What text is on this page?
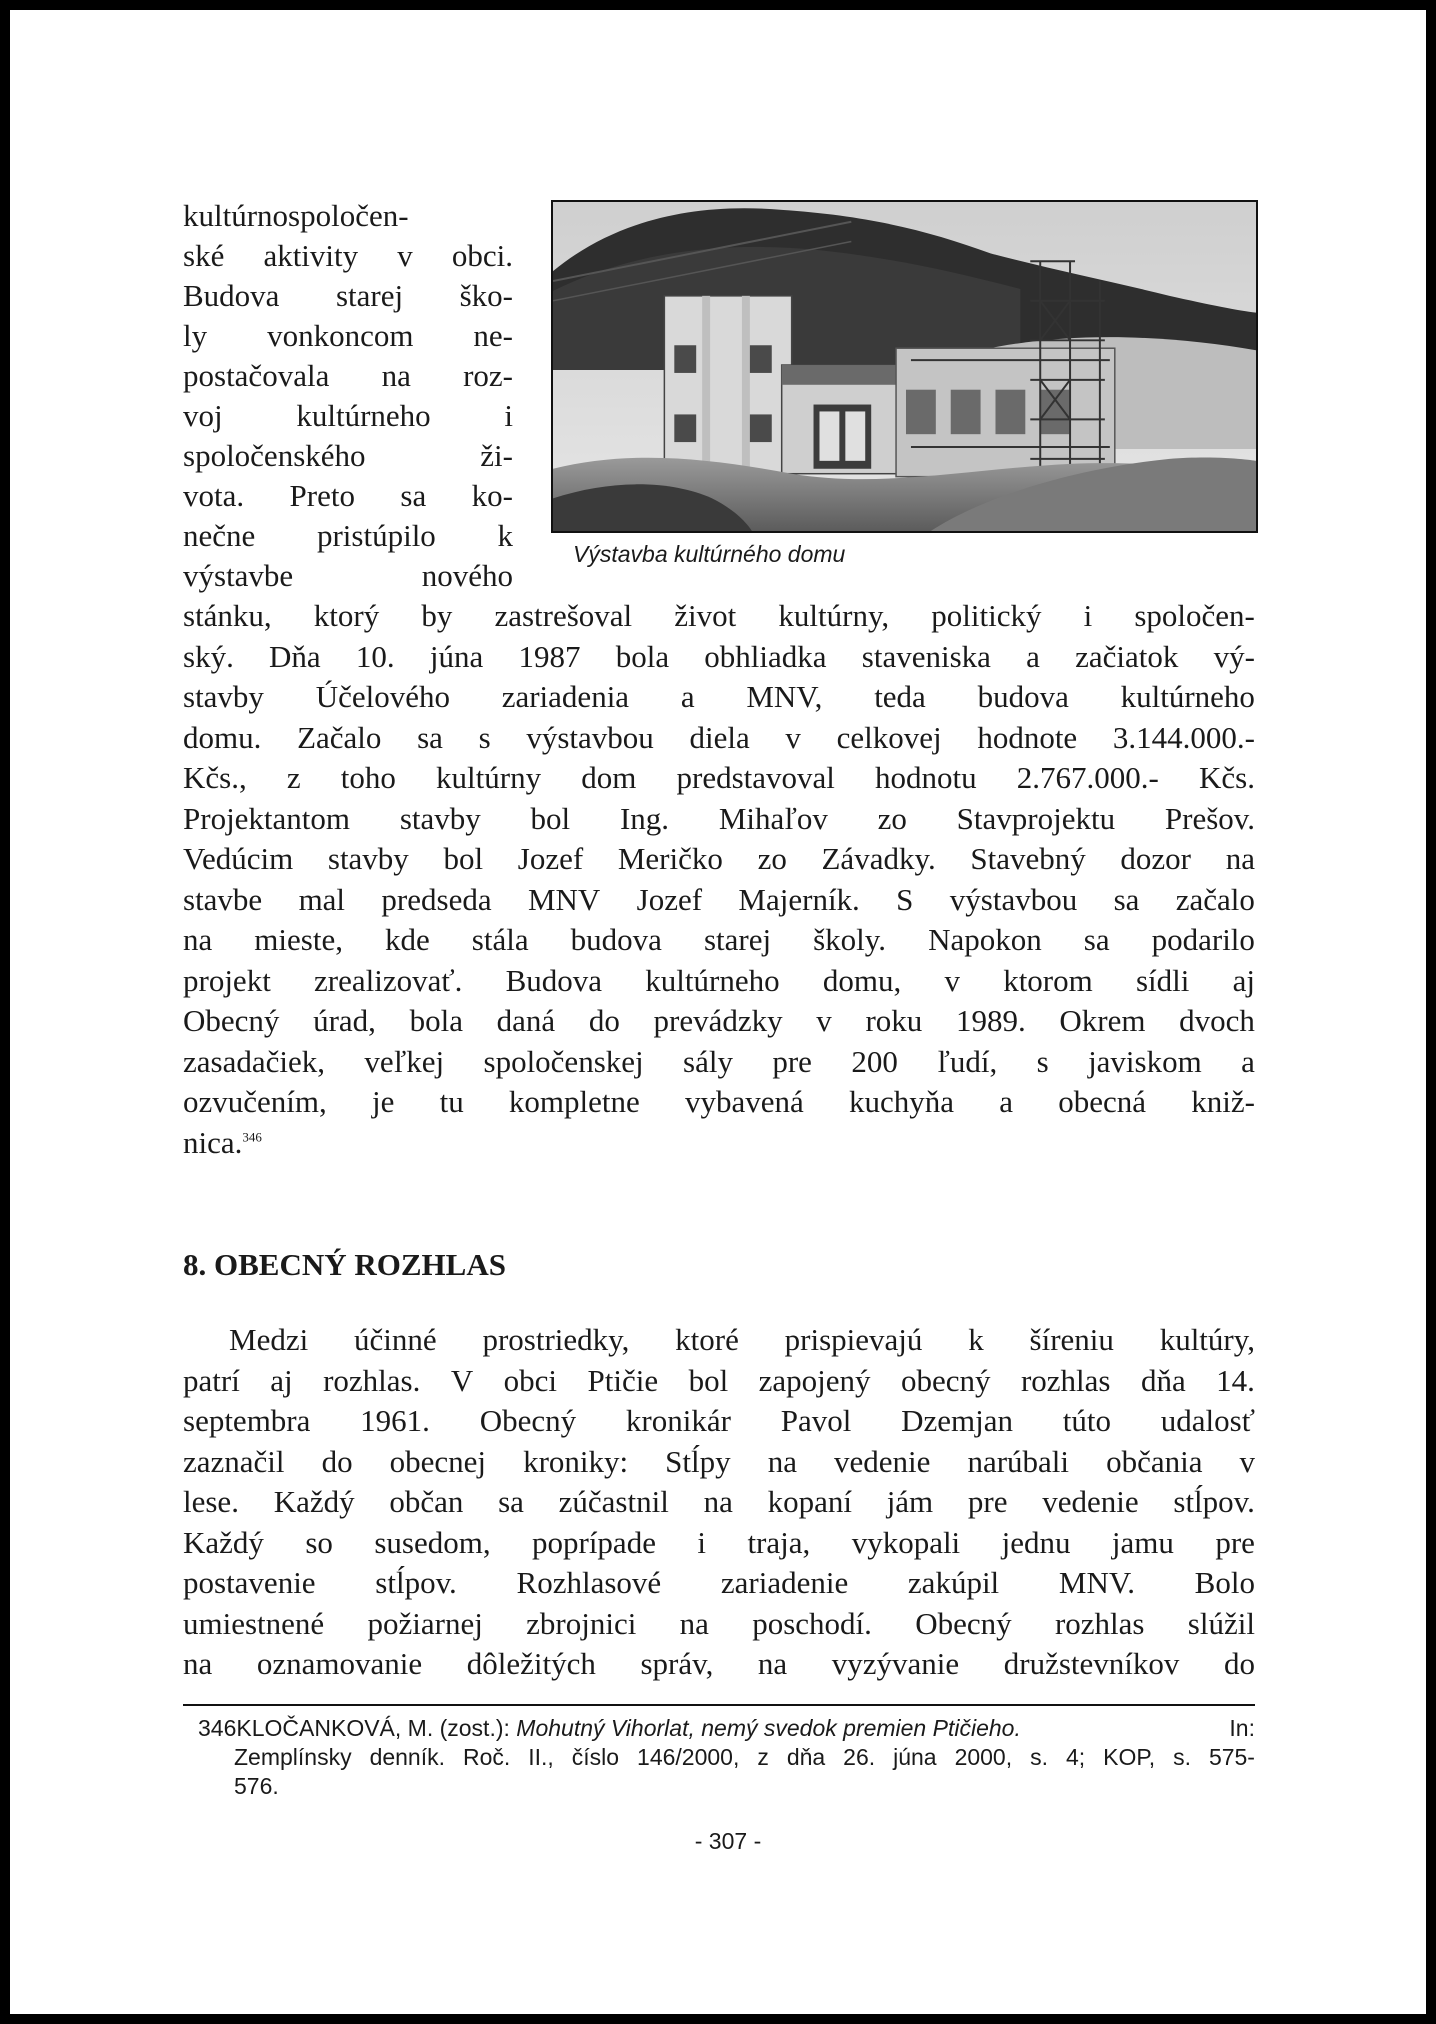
Výstavba kultúrného domu
kultúrnospoločen-
ské aktivity v obci.
Budova starej ško-
ly vonkoncom ne-
postačovala na roz-
voj kultúrneho i
spoločenského	ži-
vota. Preto sa ko-
nečne pristúpilo k
výstavbe	nového
stánku, ktorý by zastrešoval život kultúrny, politický i spoločen-
ský. Dňa 10. júna 1987 bola obhliadka staveniska a začiatok vý-
stavby Účelového zariadenia a MNV, teda budova kultúrneho
domu. Začalo sa s výstavbou diela v celkovej hodnote 3.144.000.-
Kčs., z toho kultúrny dom predstavoval hodnotu 2.767.000.- Kčs.
Projektantom stavby bol Ing. Mihaľov zo Stavprojektu Prešov.
Vedúcim stavby bol Jozef Meričko zo Závadky. Stavebný dozor na
stavbe mal predseda MNV Jozef Majerník. S výstavbou sa začalo
na mieste, kde stála budova starej školy. Napokon sa podarilo
projekt zrealizovať. Budova kultúrneho domu, v ktorom sídli aj
Obecný úrad, bola daná do prevádzky v roku 1989. Okrem dvoch
zasadačiek, veľkej spoločenskej sály pre 200 ľudí, s javiskom a
ozvučením, je tu kompletne vybavená kuchyňa a obecná kniž-
nica.$^{346}$
8. OBECNÝ ROZHLAS
Medzi účinné prostriedky, ktoré prispievajú k šíreniu kultúry,
patrí aj rozhlas. V obci Ptičie bol zapojený obecný rozhlas dňa 14.
septembra 1961. Obecný kronikár Pavol Dzemjan túto udalosť
zaznačil do obecnej kroniky: Stĺpy na vedenie narúbali občania v
lese. Každý občan sa zúčastnil na kopaní jám pre vedenie stĺpov.
Každý so susedom, poprípade i traja, vykopali jednu jamu pre
postavenie stĺpov. Rozhlasové zariadenie zakúpil MNV. Bolo
umiestnené požiarnej zbrojnici na poschodí. Obecný rozhlas slúžil
na oznamovanie dôležitých správ, na vyzývanie družstevníkov do
346 KLOČANKOVÁ, M. (zost.): Mohutný Vihorlat, nemý svedok premien Ptičieho.	In:
Zemplínsky denník. Roč. II., číslo 146/2000, z dňa 26. júna 2000, s. 4; KOP, s. 575-
576.
- 307 -
